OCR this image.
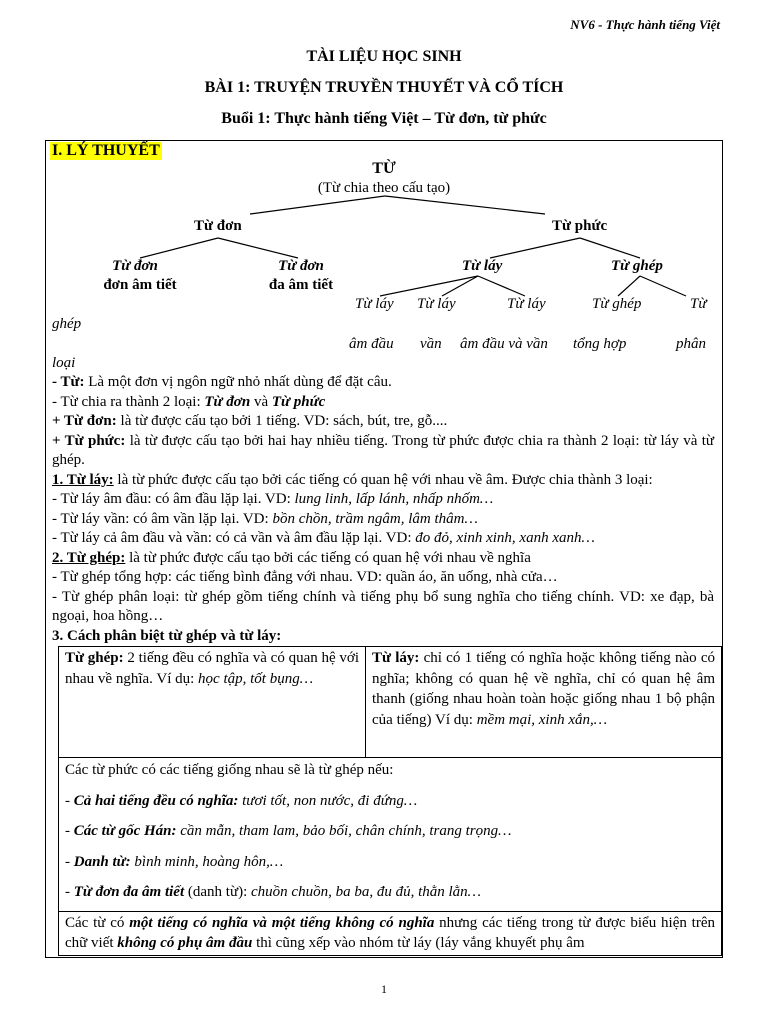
NV6 - Thực hành tiếng Việt
TÀI LIỆU HỌC SINH
BÀI 1: TRUYỆN TRUYỀN THUYẾT VÀ CỔ TÍCH
Buổi 1: Thực hành tiếng Việt – Từ đơn, từ phức
I. LÝ THUYẾT
TỪ
(Từ chia theo cấu tạo)
Từ đơn	Từ phức
Từ đơn
đơn âm tiết
Từ đơn
đa âm tiết
Từ láy	Từ ghép
Từ láy Từ láy	Từ láy	Từ ghép	Từ
ghép
âm đầu vần âm đầu và vần tổng hợp	phân
loại

- Từ: Là một đơn vị ngôn ngữ nhỏ nhất dùng để đặt câu.

- Từ chia ra thành 2 loại: Từ đơn và Từ phức

+ Từ đơn: là từ được cấu tạo bởi 1 tiếng. VD: sách, bút, tre, gỗ....

+ Từ phức: là từ được cấu tạo bởi hai hay nhiều tiếng. Trong từ phức được chia ra thành 2 loại: từ láy và từ ghép.

1. Từ láy: là từ phức được cấu tạo bởi các tiếng có quan hệ với nhau về âm. Được chia thành 3 loại:

- Từ láy âm đầu: có âm đầu lặp lại. VD: lung linh, lấp lánh, nhấp nhốm…

- Từ láy vần: có âm vần lặp lại. VD: bồn chồn, trầm ngâm, lâm thâm…

- Từ láy cả âm đầu và vần: có cả vần và âm đầu lặp lại. VD: đo đỏ, xinh xinh, xanh xanh…

2. Từ ghép: là từ phức được cấu tạo bởi các tiếng có quan hệ với nhau về nghĩa

- Từ ghép tổng hợp: các tiếng bình đẳng với nhau. VD: quần áo, ăn uống, nhà cửa…

- Từ ghép phân loại: từ ghép gồm tiếng chính và tiếng phụ bổ sung nghĩa cho tiếng chính. VD: xe đạp, bà ngoại, hoa hồng…

3. Cách phân biệt từ ghép và từ láy:

Từ ghép: 2 tiếng đều có nghĩa và có quan hệ với nhau về nghĩa. Ví dụ: học tập, tốt bụng…	Từ láy: chỉ có 1 tiếng có nghĩa hoặc không tiếng nào có nghĩa; không có quan hệ về nghĩa, chỉ có quan hệ âm thanh (giống nhau hoàn toàn hoặc giống nhau 1 bộ phận của tiếng) Ví dụ: mềm mại, xinh xắn,…

Các từ phức có các tiếng giống nhau sẽ là từ ghép nếu:

- Cả hai tiếng đều có nghĩa: tươi tốt, non nước, đi đứng…

- Các từ gốc Hán: cần mẫn, tham lam, bảo bối, chân chính, trang trọng…

- Danh từ: bình minh, hoàng hôn,…

- Từ đơn đa âm tiết (danh từ): chuồn chuồn, ba ba, đu đủ, thằn lằn…

Các từ có một tiếng có nghĩa và một tiếng không có nghĩa nhưng các tiếng trong từ được biểu hiện trên chữ viết không có phụ âm đầu thì cũng xếp vào nhóm từ láy (láy vắng khuyết phụ âm
1
